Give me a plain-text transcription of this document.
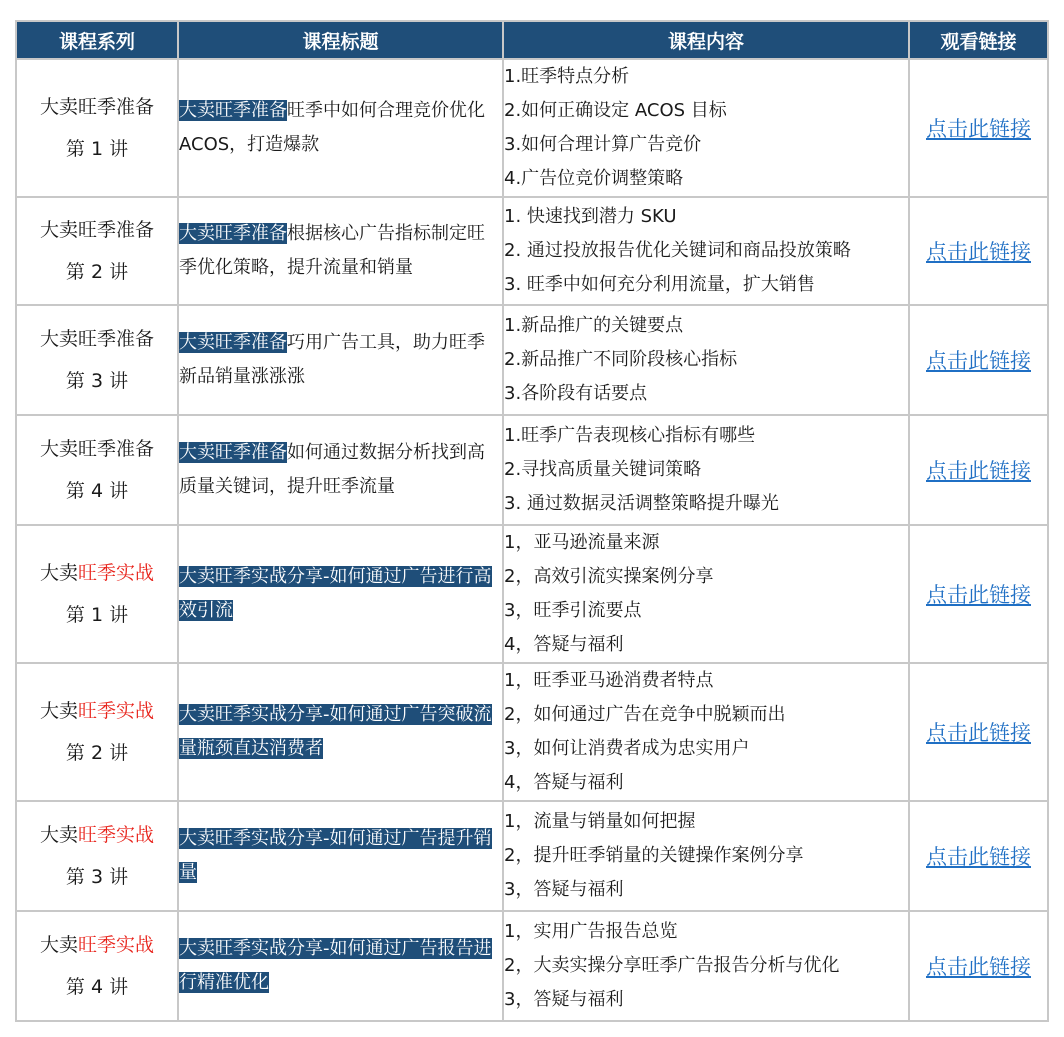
课程系列	课程标题	课程内容	观看链接

大卖旺季准备
第 1 讲	大卖旺季准备旺季中如何合理竞价优化 ACOS，打造爆款	1.旺季特点分析
2.如何正确设定 ACOS 目标
3.如何合理计算广告竞价
4.广告位竞价调整策略	点击此链接

大卖旺季准备
第 2 讲	大卖旺季准备根据核心广告指标制定旺季优化策略，提升流量和销量	1. 快速找到潜力 SKU
2. 通过投放报告优化关键词和商品投放策略
3. 旺季中如何充分利用流量，扩大销售	点击此链接

大卖旺季准备
第 3 讲	大卖旺季准备巧用广告工具，助力旺季新品销量涨涨涨	1.新品推广的关键要点
2.新品推广不同阶段核心指标
3.各阶段有话要点	点击此链接

大卖旺季准备
第 4 讲	大卖旺季准备如何通过数据分析找到高质量关键词，提升旺季流量	1.旺季广告表现核心指标有哪些
2.寻找高质量关键词策略
3. 通过数据灵活调整策略提升曝光	点击此链接

大卖旺季实战
第 1 讲	大卖旺季实战分享-如何通过广告进行高效引流	1，亚马逊流量来源
2，高效引流实操案例分享
3，旺季引流要点
4，答疑与福利	点击此链接

大卖旺季实战
第 2 讲	大卖旺季实战分享-如何通过广告突破流量瓶颈直达消费者	1，旺季亚马逊消费者特点
2，如何通过广告在竞争中脱颖而出
3，如何让消费者成为忠实用户
4，答疑与福利	点击此链接

大卖旺季实战
第 3 讲	大卖旺季实战分享-如何通过广告提升销量	1，流量与销量如何把握
2，提升旺季销量的关键操作案例分享
3，答疑与福利	点击此链接

大卖旺季实战
第 4 讲	大卖旺季实战分享-如何通过广告报告进行精准优化	1，实用广告报告总览
2，大卖实操分享旺季广告报告分析与优化
3，答疑与福利	点击此链接
